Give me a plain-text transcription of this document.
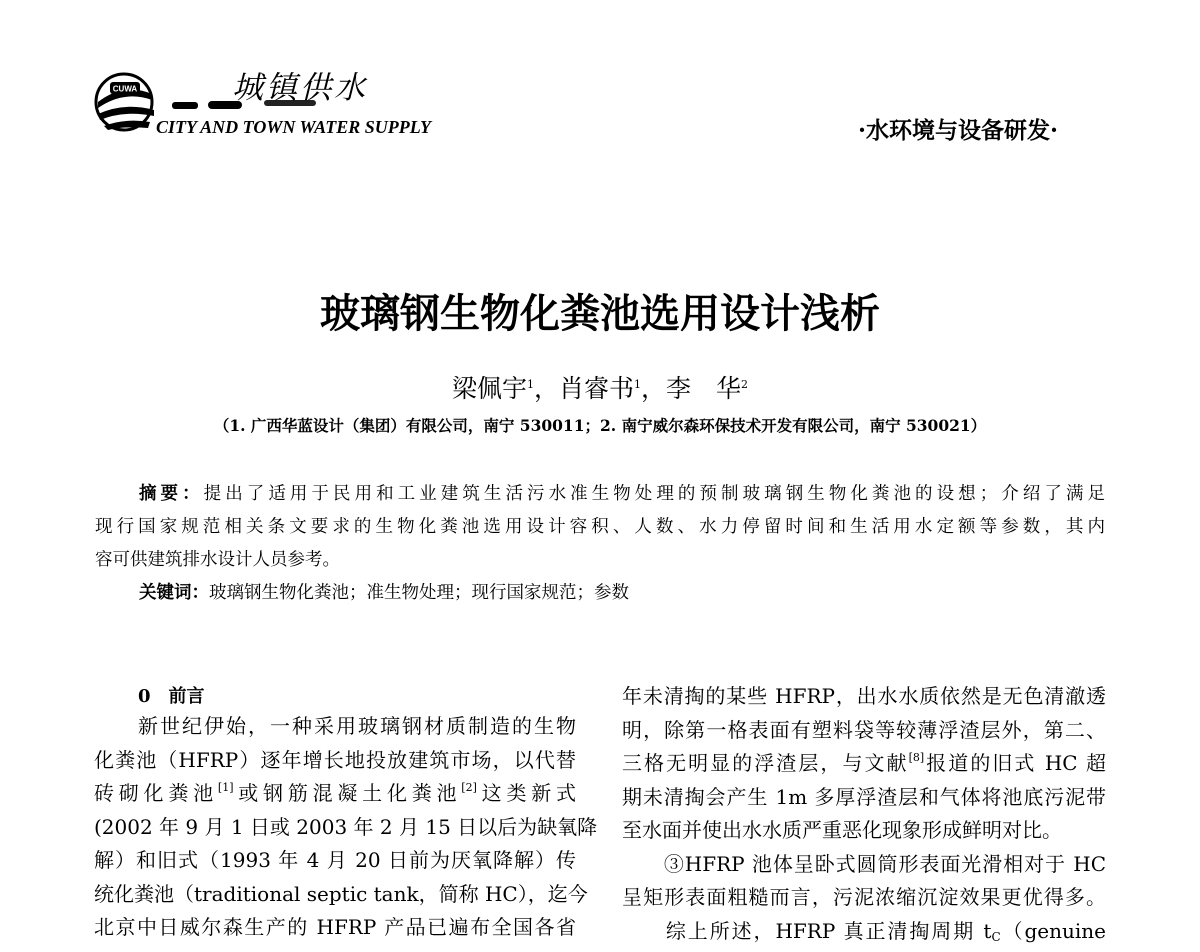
CUWA	城镇供水
CITY AND TOWN WATER SUPPLY	·水环境与设备研发·
玻璃钢生物化粪池选用设计浅析
梁佩宇$^1$，肖睿书$^1$，李　华$^2$
（1. 广西华蓝设计（集团）有限公司，南宁 530011；2. 南宁威尔森环保技术开发有限公司，南宁 530021）
摘要：提出了适用于民用和工业建筑生活污水准生物处理的预制玻璃钢生物化粪池的设想；介绍了满足
现行国家规范相关条文要求的生物化粪池选用设计容积、人数、水力停留时间和生活用水定额等参数，其内
容可供建筑排水设计人员参考。
关键词：玻璃钢生物化粪池；准生物处理；现行国家规范；参数
0　前言
　　新世纪伊始，一种采用玻璃钢材质制造的生物
化粪池（HFRP）逐年增长地投放建筑市场，以代替
砖砌化粪池[1]或钢筋混凝土化粪池[2]这类新式
(2002 年 9 月 1 日或 2003 年 2 月 15 日以后为缺氧降
解）和旧式（1993 年 4 月 20 日前为厌氧降解）传
统化粪池（traditional septic tank，简称 HC），迄今
北京中日威尔森生产的 HFRP 产品已遍布全国各省
年未清掏的某些 HFRP，出水水质依然是无色清澈透
明，除第一格表面有塑料袋等较薄浮渣层外，第二、
三格无明显的浮渣层，与文献[8]报道的旧式 HC 超
期未清掏会产生 1m 多厚浮渣层和气体将池底污泥带
至水面并使出水水质严重恶化现象形成鲜明对比。
　　③HFRP 池体呈卧式圆筒形表面光滑相对于 HC
呈矩形表面粗糙而言，污泥浓缩沉淀效果更优得多。
　　综上所述，HFRP 真正清掏周期 $t_C(genuine$
